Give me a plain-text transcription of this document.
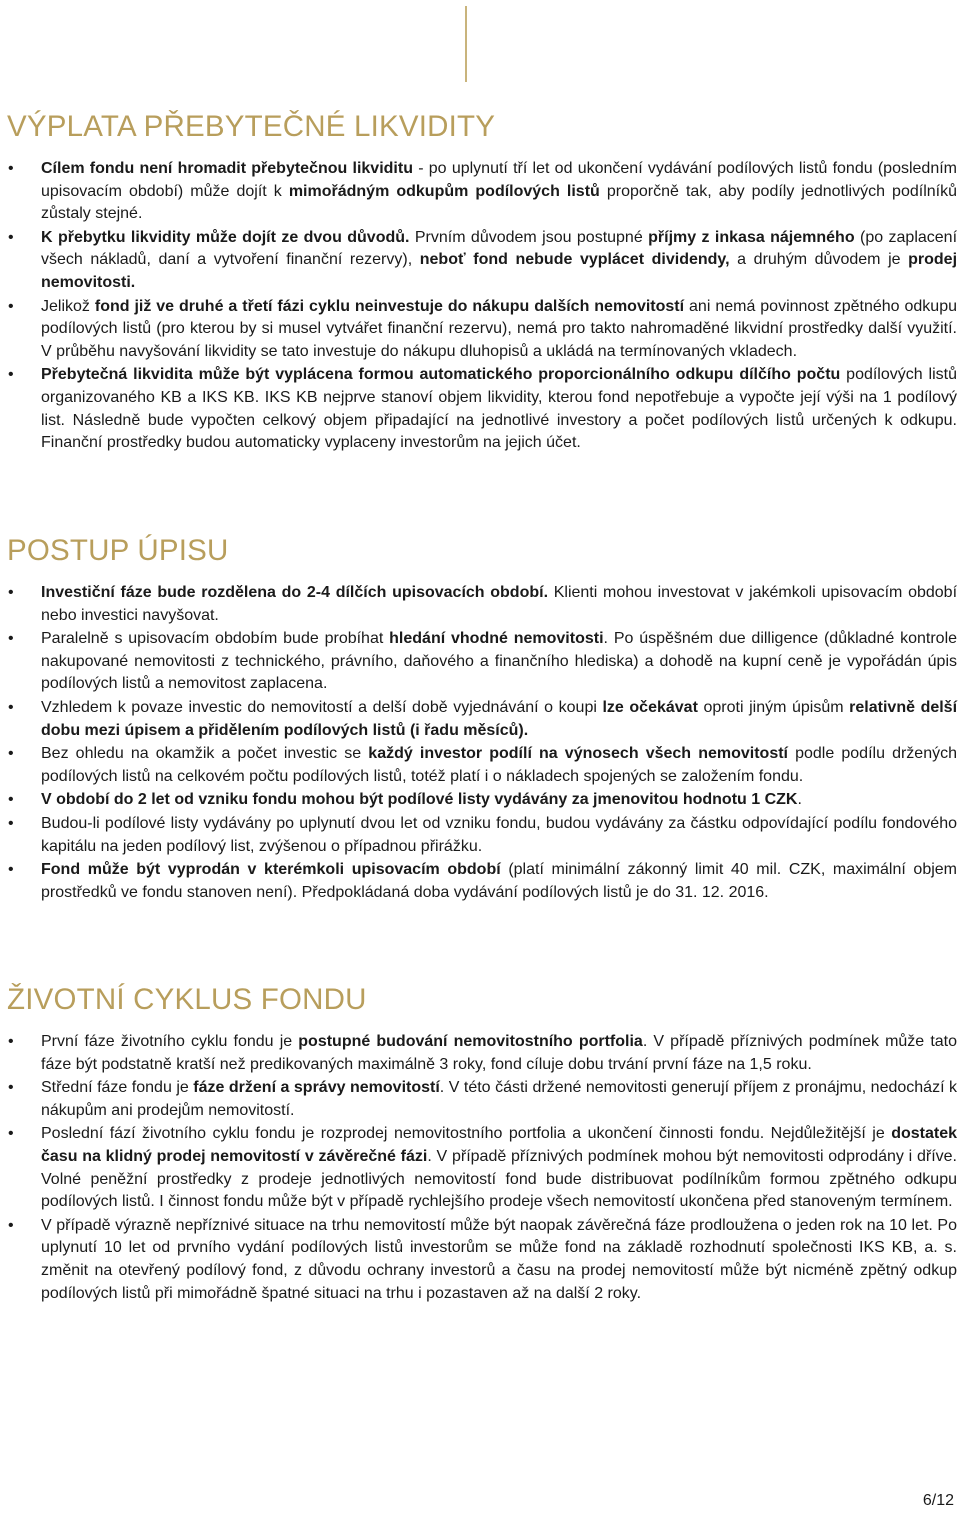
VÝPLATA PŘEBYTEČNÉ LIKVIDITY
• Cílem fondu není hromadit přebytečnou likviditu - po uplynutí tří let od ukončení vydávání podílových listů fondu (posledním upisovacím období) může dojít k mimořádným odkupům podílových listů proporčně tak, aby podíly jednotlivých podílníků zůstaly stejné.
• K přebytku likvidity může dojít ze dvou důvodů. Prvním důvodem jsou postupné příjmy z inkasa nájemného (po zaplacení všech nákladů, daní a vytvoření finanční rezervy), neboť fond nebude vyplácet dividendy, a druhým důvodem je prodej nemovitosti.
• Jelikož fond již ve druhé a třetí fázi cyklu neinvestuje do nákupu dalších nemovitostí ani nemá povinnost zpětného odkupu podílových listů (pro kterou by si musel vytvářet finanční rezervu), nemá pro takto nahromaděné likvidní prostředky další využití. V průběhu navyšování likvidity se tato investuje do nákupu dluhopisů a ukládá na termínovaných vkladech.
• Přebytečná likvidita může být vyplácena formou automatického proporcionálního odkupu dílčího počtu podílových listů organizovaného KB a IKS KB. IKS KB nejprve stanoví objem likvidity, kterou fond nepotřebuje a vypočte její výši na 1 podílový list. Následně bude vypočten celkový objem připadající na jednotlivé investory a počet podílových listů určených k odkupu. Finanční prostředky budou automaticky vyplaceny investorům na jejich účet.
POSTUP ÚPISU
• Investiční fáze bude rozdělena do 2-4 dílčích upisovacích období. Klienti mohou investovat v jakémkoli upisovacím období nebo investici navyšovat.
• Paralelně s upisovacím obdobím bude probíhat hledání vhodné nemovitosti. Po úspěšném due dilligence (důkladné kontrole nakupované nemovitosti z technického, právního, daňového a finančního hlediska) a dohodě na kupní ceně je vypořádán úpis podílových listů a nemovitost zaplacena.
• Vzhledem k povaze investic do nemovitostí a delší době vyjednávání o koupi lze očekávat oproti jiným úpisům relativně delší dobu mezi úpisem a přidělením podílových listů (i řadu měsíců).
• Bez ohledu na okamžik a počet investic se každý investor podílí na výnosech všech nemovitostí podle podílu držených podílových listů na celkovém počtu podílových listů, totéž platí i o nákladech spojených se založením fondu.
• V období do 2 let od vzniku fondu mohou být podílové listy vydávány za jmenovitou hodnotu 1 CZK.
• Budou-li podílové listy vydávány po uplynutí dvou let od vzniku fondu, budou vydávány za částku odpovídající podílu fondového kapitálu na jeden podílový list, zvýšenou o případnou přirážku.
• Fond může být vyprodán v kterémkoli upisovacím období (platí minimální zákonný limit 40 mil. CZK, maximální objem prostředků ve fondu stanoven není). Předpokládaná doba vydávání podílových listů je do 31. 12. 2016.
ŽIVOTNÍ CYKLUS FONDU
• První fáze životního cyklu fondu je postupné budování nemovitostního portfolia. V případě příznivých podmínek může tato fáze být podstatně kratší než predikovaných maximálně 3 roky, fond cíluje dobu trvání první fáze na 1,5 roku.
• Střední fáze fondu je fáze držení a správy nemovitostí. V této části držené nemovitosti generují příjem z pronájmu, nedochází k nákupům ani prodejům nemovitostí.
• Poslední fází životního cyklu fondu je rozprodej nemovitostního portfolia a ukončení činnosti fondu. Nejdůležitější je dostatek času na klidný prodej nemovitostí v závěrečné fázi. V případě příznivých podmínek mohou být nemovitosti odprodány i dříve. Volné peněžní prostředky z prodeje jednotlivých nemovitostí fond bude distribuovat podílníkům formou zpětného odkupu podílových listů. I činnost fondu může být v případě rychlejšího prodeje všech nemovitostí ukončena před stanoveným termínem.
• V případě výrazně nepříznivé situace na trhu nemovitostí může být naopak závěrečná fáze prodloužena o jeden rok na 10 let. Po uplynutí 10 let od prvního vydání podílových listů investorům se může fond na základě rozhodnutí společnosti IKS KB, a. s. změnit na otevřený podílový fond, z důvodu ochrany investorů a času na prodej nemovitostí může být nicméně zpětný odkup podílových listů při mimořádně špatné situaci na trhu i pozastaven až na další 2 roky.
6/12
